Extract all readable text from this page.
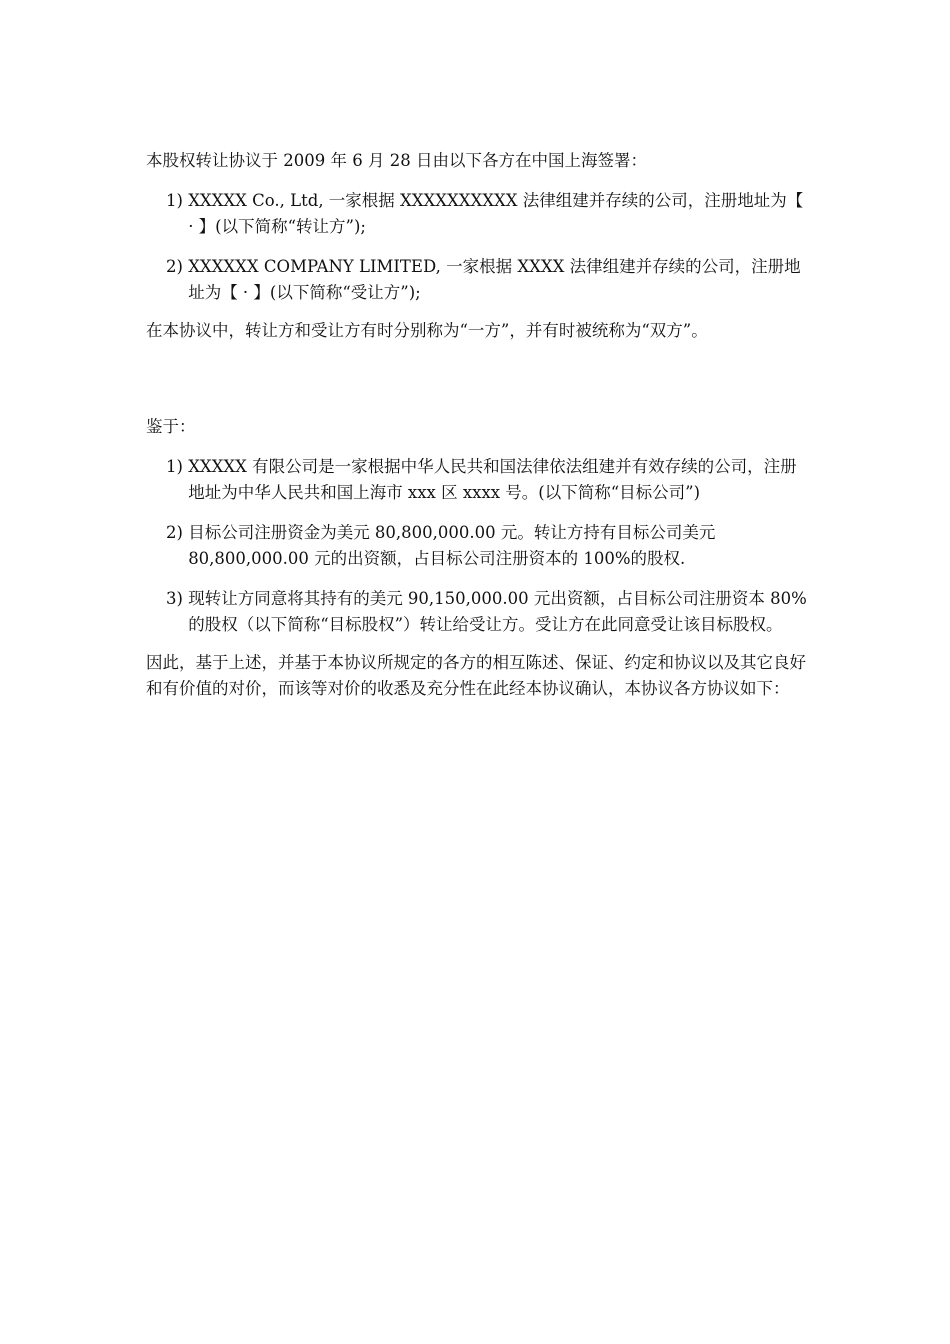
本股权转让协议于 2009 年 6 月 28 日由以下各方在中国上海签署：

1) XXXXX Co., Ltd, 一家根据 XXXXXXXXXX 法律组建并存续的公司，注册地址为【 · 】(以下简称“转让方”);
2) XXXXXX COMPANY LIMITED, 一家根据 XXXX 法律组建并存续的公司，注册地址为【 · 】(以下简称“受让方”);

在本协议中，转让方和受让方有时分别称为“一方”，并有时被统称为“双方”。

鉴于：

1) XXXXX 有限公司是一家根据中华人民共和国法律依法组建并有效存续的公司，注册地址为中华人民共和国上海市 xxx 区 xxxx 号。(以下简称“目标公司”)
2) 目标公司注册资金为美元 80,800,000.00 元。转让方持有目标公司美元 80,800,000.00 元的出资额，占目标公司注册资本的 100%的股权.
3) 现转让方同意将其持有的美元 90,150,000.00 元出资额，占目标公司注册资本 80%的股权（以下简称“目标股权”）转让给受让方。受让方在此同意受让该目标股权。

因此，基于上述，并基于本协议所规定的各方的相互陈述、保证、约定和协议以及其它良好和有价值的对价，而该等对价的收悉及充分性在此经本协议确认，本协议各方协议如下：
